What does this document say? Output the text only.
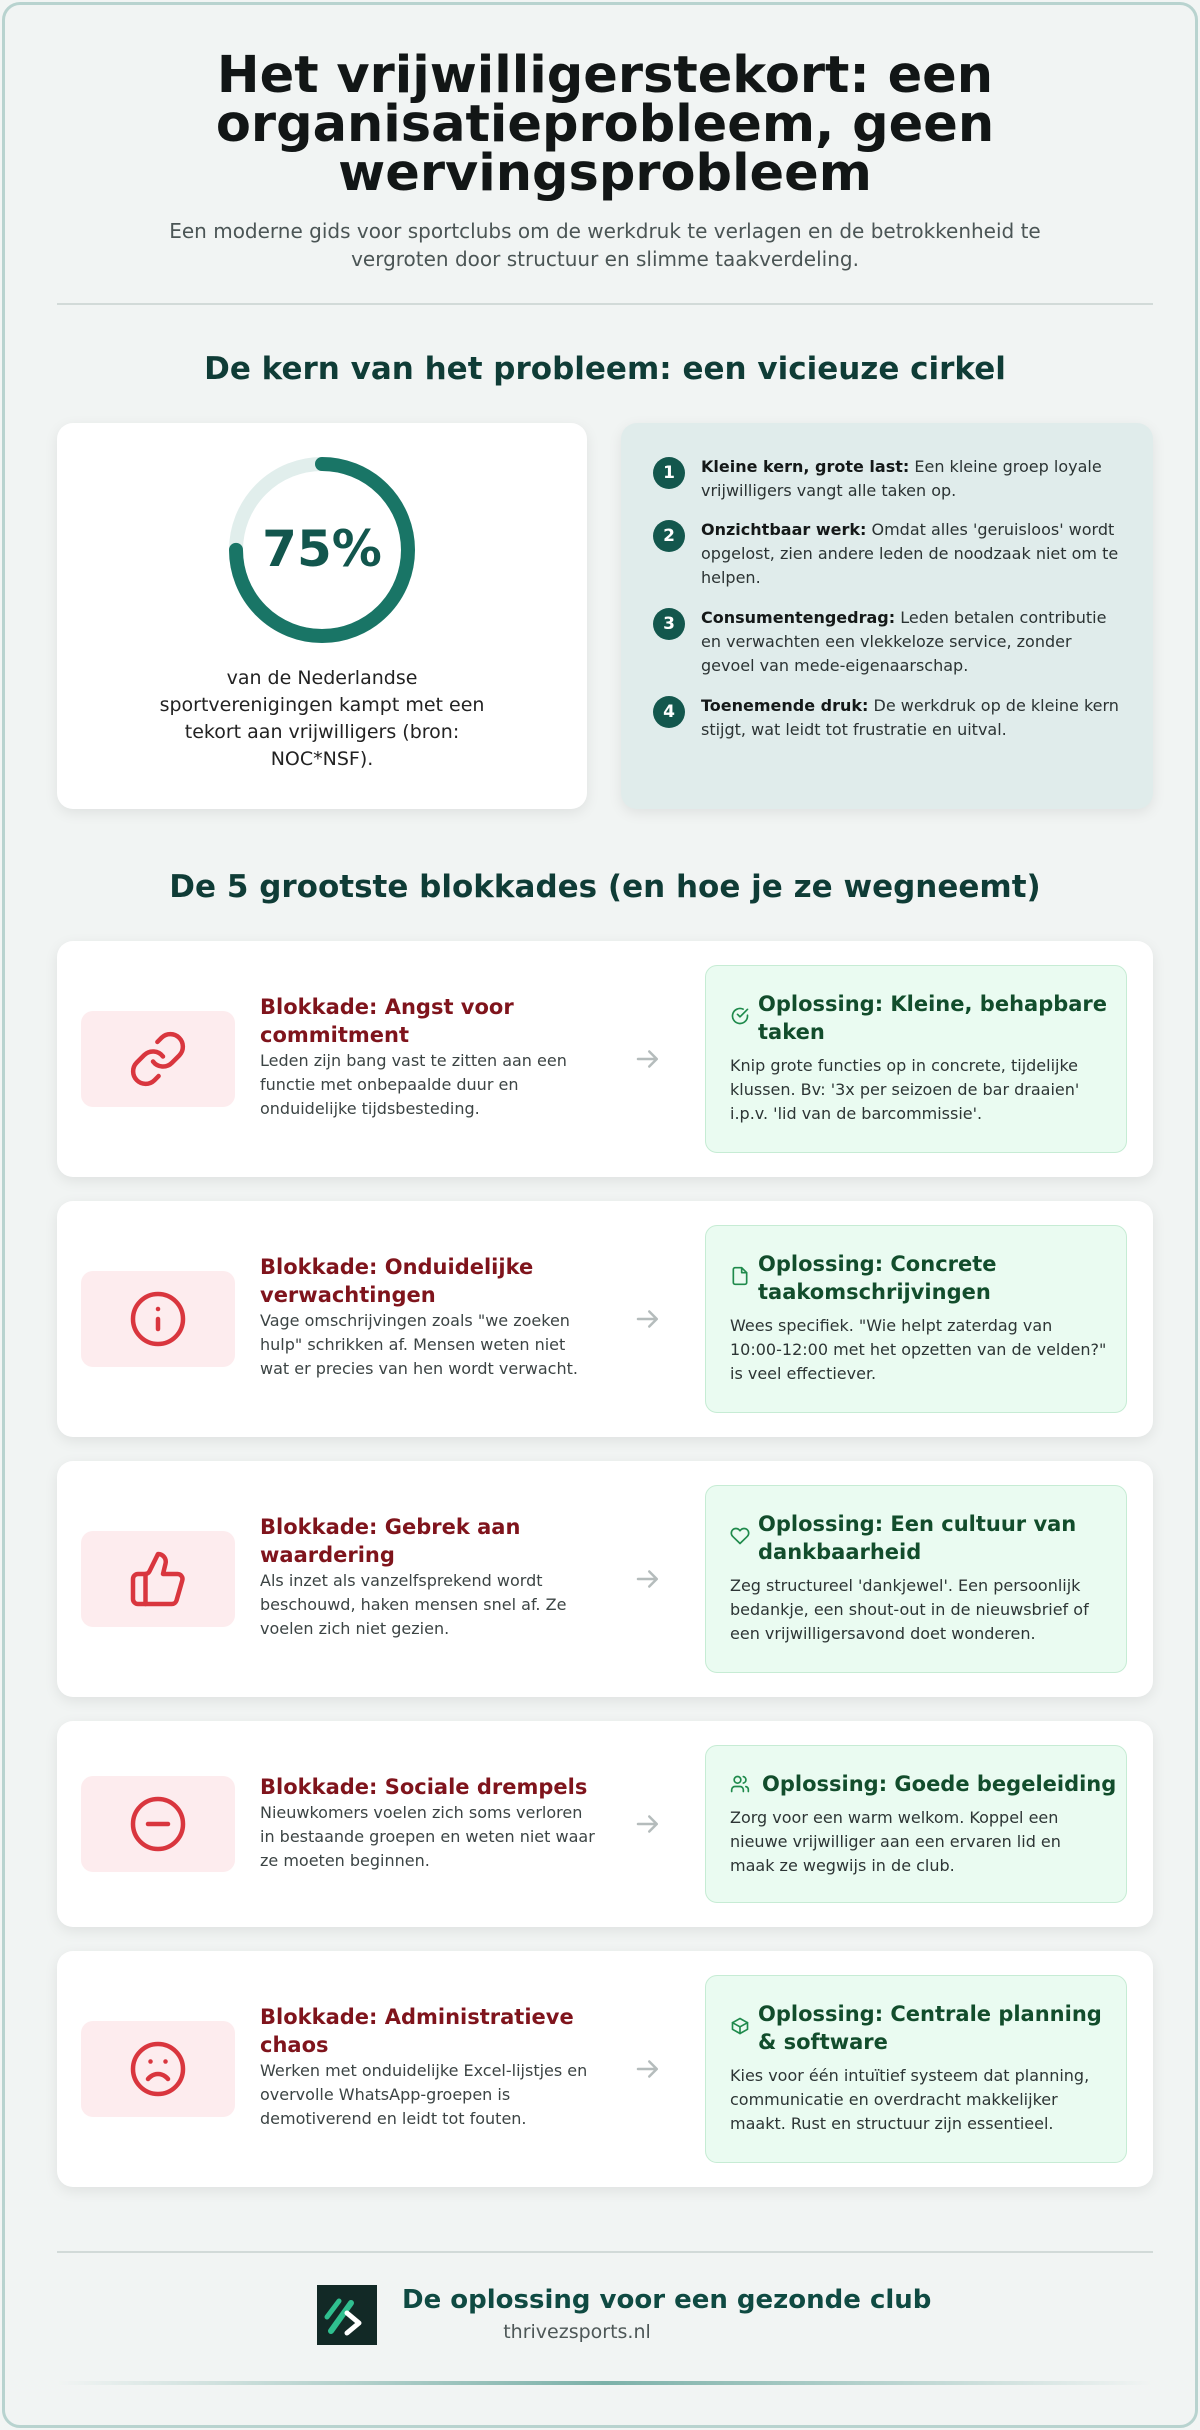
Het vrijwilligerstekort: een
organisatieprobleem, geen
wervingsprobleem

Een moderne gids voor sportclubs om de werkdruk te verlagen en de betrokkenheid te vergroten door structuur en slimme taakverdeling.

De kern van het probleem: een vicieuze cirkel
75%

van de Nederlandse sportverenigingen kampt met een tekort aan vrijwilligers (bron: NOC*NSF).

1	Kleine kern, grote last: Een kleine groep loyale vrijwilligers vangt alle taken op.

2	Onzichtbaar werk: Omdat alles 'geruisloos' wordt opgelost, zien andere leden de noodzaak niet om te helpen.

3	Consumentengedrag: Leden betalen contributie en verwachten een vlekkeloze service, zonder gevoel van mede-eigenaarschap.

4	Toenemende druk: De werkdruk op de kleine kern stijgt, wat leidt tot frustratie en uitval.

De 5 grootste blokkades (en hoe je ze wegneemt)
Blokkade: Angst voor commitment
Leden zijn bang vast te zitten aan een functie met onbepaalde duur en onduidelijke tijdsbesteding.
Oplossing: Kleine, behapbare taken

Knip grote functies op in concrete, tijdelijke klussen. Bv: '3x per seizoen de bar draaien' i.p.v. 'lid van de barcommissie'.

Blokkade: Onduidelijke verwachtingen
Vage omschrijvingen zoals "we zoeken hulp" schrikken af. Mensen weten niet wat er precies van hen wordt verwacht.
Oplossing: Concrete taakomschrijvingen

Wees specifiek. "Wie helpt zaterdag van 10:00-12:00 met het opzetten van de velden?" is veel effectiever.

Blokkade: Gebrek aan waardering
Als inzet als vanzelfsprekend wordt beschouwd, haken mensen snel af. Ze voelen zich niet gezien.
Oplossing: Een cultuur van dankbaarheid

Zeg structureel 'dankjewel'. Een persoonlijk bedankje, een shout-out in de nieuwsbrief of een vrijwilligersavond doet wonderen.

Blokkade: Sociale drempels
Nieuwkomers voelen zich soms verloren in bestaande groepen en weten niet waar ze moeten beginnen.
Oplossing: Goede begeleiding

Zorg voor een warm welkom. Koppel een nieuwe vrijwilliger aan een ervaren lid en maak ze wegwijs in de club.

Blokkade: Administratieve chaos
Werken met onduidelijke Excel-lijstjes en overvolle WhatsApp-groepen is demotiverend en leidt tot fouten.
Oplossing: Centrale planning & software

Kies voor één intuïtief systeem dat planning, communicatie en overdracht makkelijker maakt. Rust en structuur zijn essentieel.

De oplossing voor een gezonde club
thrivezsports.nl
